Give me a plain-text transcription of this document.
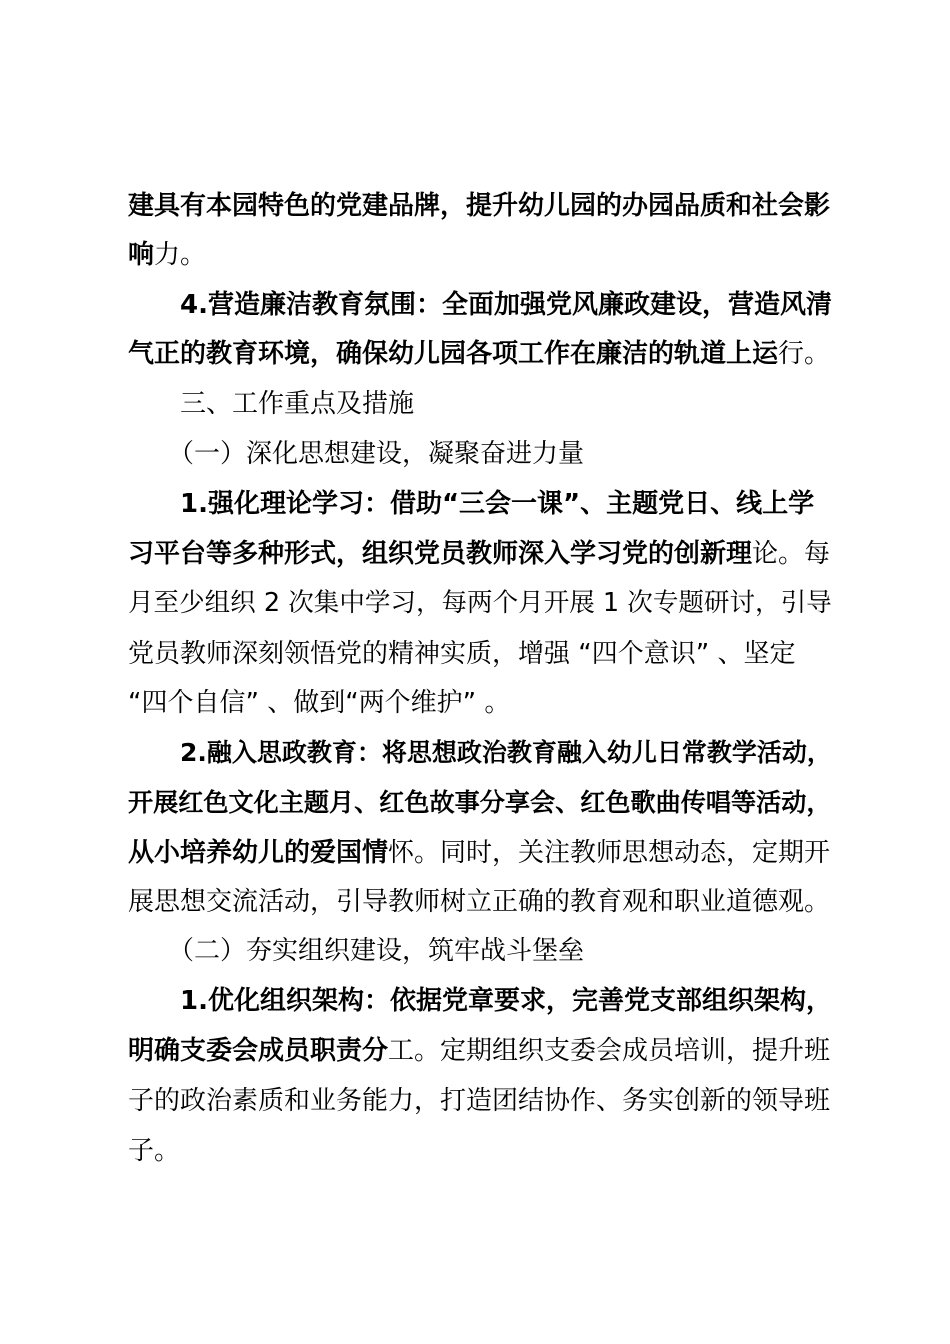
建具有本园特色的党建品牌，提升幼儿园的办园品质和社会影
响力。
4.营造廉洁教育氛围：全面加强党风廉政建设，营造风清
气正的教育环境，确保幼儿园各项工作在廉洁的轨道上运行。
三、工作重点及措施
（一）深化思想建设，凝聚奋进力量
1.强化理论学习：借助“三会一课”、主题党日、线上学
习平台等多种形式，组织党员教师深入学习党的创新理论。每
月至少组织 2 次集中学习，每两个月开展 1 次专题研讨，引导
党员教师深刻领悟党的精神实质，增强 “四个意识” 、坚定
“四个自信” 、做到“两个维护” 。
2.融入思政教育：将思想政治教育融入幼儿日常教学活动，
开展红色文化主题月、红色故事分享会、红色歌曲传唱等活动，
从小培养幼儿的爱国情怀。同时，关注教师思想动态，定期开
展思想交流活动，引导教师树立正确的教育观和职业道德观。
（二）夯实组织建设，筑牢战斗堡垒
1.优化组织架构：依据党章要求，完善党支部组织架构，
明确支委会成员职责分工。定期组织支委会成员培训，提升班
子的政治素质和业务能力，打造团结协作、务实创新的领导班
子。
